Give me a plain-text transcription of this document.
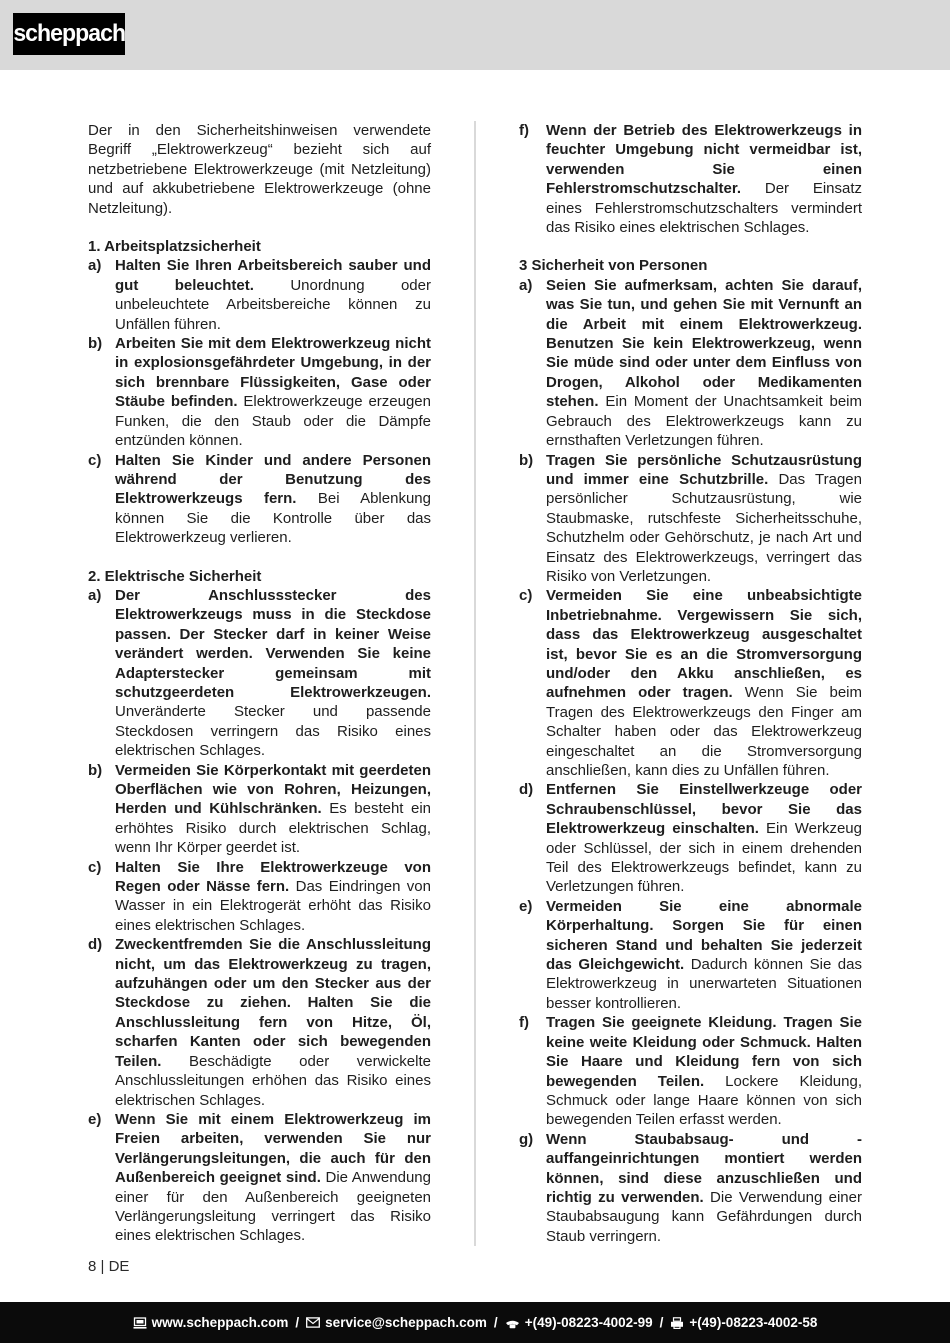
scheppach

Der in den Sicherheitshinweisen verwendete Begriff „Elektrowerkzeug“ bezieht sich auf netzbetriebene Elektrowerkzeuge (mit Netzleitung) und auf akkubetriebene Elektrowerkzeuge (ohne Netzleitung).

1. Arbeitsplatzsicherheit
a) Halten Sie Ihren Arbeitsbereich sauber und gut beleuchtet. Unordnung oder unbeleuchtete Arbeitsbereiche können zu Unfällen führen.
b) Arbeiten Sie mit dem Elektrowerkzeug nicht in explosionsgefährdeter Umgebung, in der sich brennbare Flüssigkeiten, Gase oder Stäube befinden. Elektrowerkzeuge erzeugen Funken, die den Staub oder die Dämpfe entzünden können.
c) Halten Sie Kinder und andere Personen während der Benutzung des Elektrowerkzeugs fern. Bei Ablenkung können Sie die Kontrolle über das Elektrowerkzeug verlieren.
2. Elektrische Sicherheit
a) Der Anschlussstecker des Elektrowerkzeugs muss in die Steckdose passen. Der Stecker darf in keiner Weise verändert werden. Verwenden Sie keine Adapterstecker gemeinsam mit schutzgeerdeten Elektrowerkzeugen. Unveränderte Stecker und passende Steckdosen verringern das Risiko eines elektrischen Schlages.
b) Vermeiden Sie Körperkontakt mit geerdeten Oberflächen wie von Rohren, Heizungen, Herden und Kühlschränken. Es besteht ein erhöhtes Risiko durch elektrischen Schlag, wenn Ihr Körper geerdet ist.
c) Halten Sie Ihre Elektrowerkzeuge von Regen oder Nässe fern. Das Eindringen von Wasser in ein Elektrogerät erhöht das Risiko eines elektrischen Schlages.
d) Zweckentfremden Sie die Anschlussleitung nicht, um das Elektrowerkzeug zu tragen, aufzuhängen oder um den Stecker aus der Steckdose zu ziehen. Halten Sie die Anschlussleitung fern von Hitze, Öl, scharfen Kanten oder sich bewegenden Teilen. Beschädigte oder verwickelte Anschlussleitungen erhöhen das Risiko eines elektrischen Schlages.
e) Wenn Sie mit einem Elektrowerkzeug im Freien arbeiten, verwenden Sie nur Verlängerungsleitungen, die auch für den Außenbereich geeignet sind. Die Anwendung einer für den Außenbereich geeigneten Verlängerungsleitung verringert das Risiko eines elektrischen Schlages.
f)	Wenn der Betrieb des Elektrowerkzeugs in feuchter Umgebung nicht vermeidbar ist, verwenden Sie einen Fehlerstromschutzschalter. Der Einsatz eines Fehlerstromschutzschalters vermindert das Risiko eines elektrischen Schlages.
3 Sicherheit von Personen
a) Seien Sie aufmerksam, achten Sie darauf, was Sie tun, und gehen Sie mit Vernunft an die Arbeit mit einem Elektrowerkzeug. Benutzen Sie kein Elektrowerkzeug, wenn Sie müde sind oder unter dem Einfluss von Drogen, Alkohol oder Medikamenten stehen. Ein Moment der Unachtsamkeit beim Gebrauch des Elektrowerkzeugs kann zu ernsthaften Verletzungen führen.
b) Tragen Sie persönliche Schutzausrüstung und immer eine Schutzbrille. Das Tragen persönlicher Schutzausrüstung, wie Staubmaske, rutschfeste Sicherheitsschuhe, Schutzhelm oder Gehörschutz, je nach Art und Einsatz des Elektrowerkzeugs, verringert das Risiko von Verletzungen.
c) Vermeiden Sie eine unbeabsichtigte Inbetriebnahme. Vergewissern Sie sich, dass das Elektrowerkzeug ausgeschaltet ist, bevor Sie es an die Stromversorgung und/oder den Akku anschließen, es aufnehmen oder tragen. Wenn Sie beim Tragen des Elektrowerkzeugs den Finger am Schalter haben oder das Elektrowerkzeug eingeschaltet an die Stromversorgung anschließen, kann dies zu Unfällen führen.
d) Entfernen Sie Einstellwerkzeuge oder Schraubenschlüssel, bevor Sie das Elektrowerkzeug einschalten. Ein Werkzeug oder Schlüssel, der sich in einem drehenden Teil des Elektrowerkzeugs befindet, kann zu Verletzungen führen.
e) Vermeiden Sie eine abnormale Körperhaltung. Sorgen Sie für einen sicheren Stand und behalten Sie jederzeit das Gleichgewicht. Dadurch können Sie das Elektrowerkzeug in unerwarteten Situationen besser kontrollieren.
f)	Tragen Sie geeignete Kleidung. Tragen Sie keine weite Kleidung oder Schmuck. Halten Sie Haare und Kleidung fern von sich bewegenden Teilen. Lockere Kleidung, Schmuck oder lange Haare können von sich bewegenden Teilen erfasst werden.
g) Wenn Staubabsaug- und -auffangeinrichtungen montiert werden können, sind diese anzuschließen und richtig zu verwenden. Die Verwendung einer Staubabsaugung kann Gefährdungen durch Staub verringern.
8 | DE
www.scheppach.com / service@scheppach.com / +(49)-08223-4002-99 / +(49)-08223-4002-58
